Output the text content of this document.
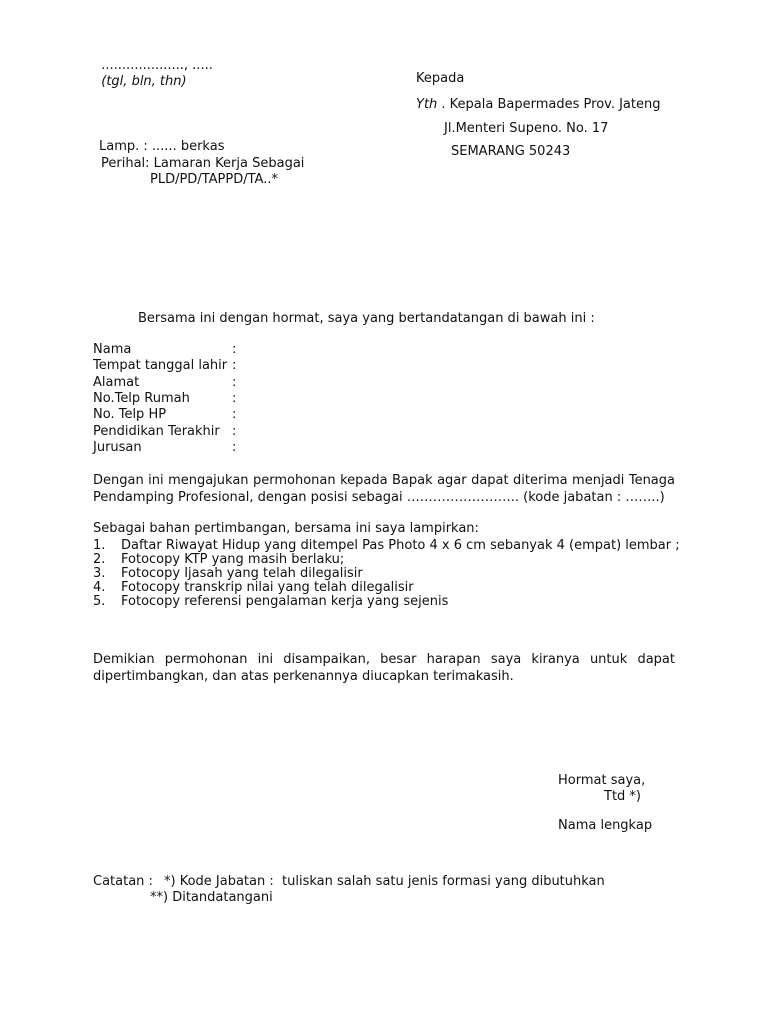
...................., .....
(tgl, bln, thn)	Kepada
Yth . Kepala Bapermades Prov. Jateng
Jl.Menteri Supeno. No. 17
SEMARANG 50243
Lamp. : ...... berkas
Perihal: Lamaran Kerja Sebagai
PLD/PD/TAPPD/TA..*
Bersama ini dengan hormat, saya yang bertandatangan di bawah ini :
Nama	:
Tempat tanggal lahir :
Alamat	:
No.Telp Rumah	:
No. Telp HP	:
Pendidikan Terakhir :
Jurusan	:
Dengan ini mengajukan permohonan kepada Bapak agar dapat diterima menjadi Tenaga Pendamping Profesional, dengan posisi sebagai …………………….. (kode jabatan : ……..)
Sebagai bahan pertimbangan, bersama ini saya lampirkan:
1. Daftar Riwayat Hidup yang ditempel Pas Photo 4 x 6 cm sebanyak 4 (empat) lembar ;
2. Fotocopy KTP yang masih berlaku;
3. Fotocopy Ijasah yang telah dilegalisir
4. Fotocopy transkrip nilai yang telah dilegalisir
5. Fotocopy referensi pengalaman kerja yang sejenis
Demikian permohonan ini disampaikan, besar harapan saya kiranya untuk dapat dipertimbangkan, dan atas perkenannya diucapkan terimakasih.
Hormat saya,
Ttd *)
Nama lengkap
Catatan : *) Kode Jabatan :  tuliskan salah satu jenis formasi yang dibutuhkan
**) Ditandatangani
